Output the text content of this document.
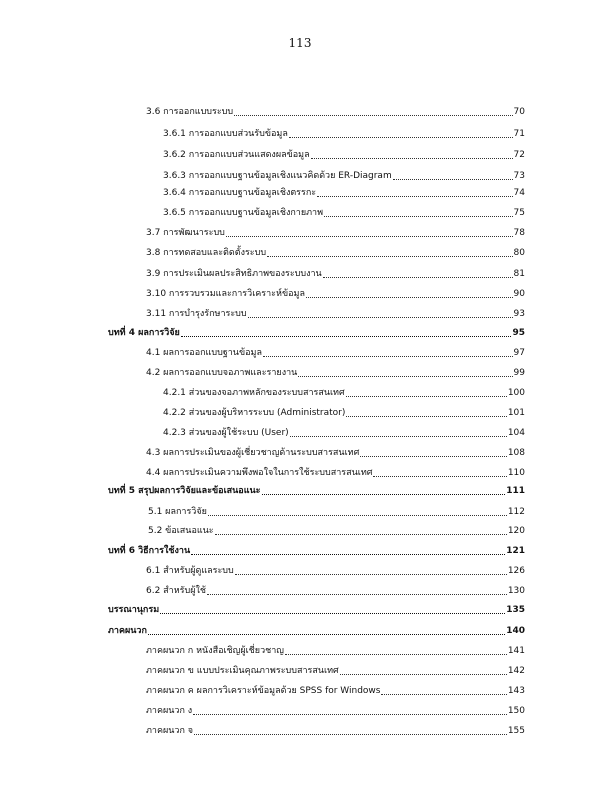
113
3.6 การออกแบบระบบ	70
3.6.1 การออกแบบส่วนรับข้อมูล	71
3.6.2 การออกแบบส่วนแสดงผลข้อมูล	72
3.6.3 การออกแบบฐานข้อมูลเชิงแนวคิดด้วย ER-Diagram	73
3.6.4 การออกแบบฐานข้อมูลเชิงตรรกะ	74
3.6.5 การออกแบบฐานข้อมูลเชิงกายภาพ	75
3.7 การพัฒนาระบบ	78
3.8 การทดสอบและติดตั้งระบบ	80
3.9 การประเมินผลประสิทธิภาพของระบบงาน	81
3.10 การรวบรวมและการวิเคราะห์ข้อมูล	90
3.11 การบำรุงรักษาระบบ	93
บทที่ 4 ผลการวิจัย	95
4.1 ผลการออกแบบฐานข้อมูล	97
4.2 ผลการออกแบบจอภาพและรายงาน	99
4.2.1 ส่วนของจอภาพหลักของระบบสารสนเทศ	100
4.2.2 ส่วนของผู้บริหารระบบ (Administrator)	101
4.2.3 ส่วนของผู้ใช้ระบบ (User)	104
4.3 ผลการประเมินของผู้เชี่ยวชาญด้านระบบสารสนเทศ	108
4.4 ผลการประเมินความพึงพอใจในการใช้ระบบสารสนเทศ	110
บทที่ 5 สรุปผลการวิจัยและข้อเสนอแนะ	111
5.1 ผลการวิจัย	112
5.2 ข้อเสนอแนะ	120
บทที่ 6 วิธีการใช้งาน	121
6.1 สำหรับผู้ดูแลระบบ	126
6.2 สำหรับผู้ใช้	130
บรรณานุกรม	135
ภาคผนวก	140
ภาคผนวก ก หนังสือเชิญผู้เชี่ยวชาญ	141
ภาคผนวก ข แบบประเมินคุณภาพระบบสารสนเทศ	142
ภาคผนวก ค ผลการวิเคราะห์ข้อมูลด้วย SPSS for Windows	143
ภาคผนวก ง	150
ภาคผนวก จ	155
